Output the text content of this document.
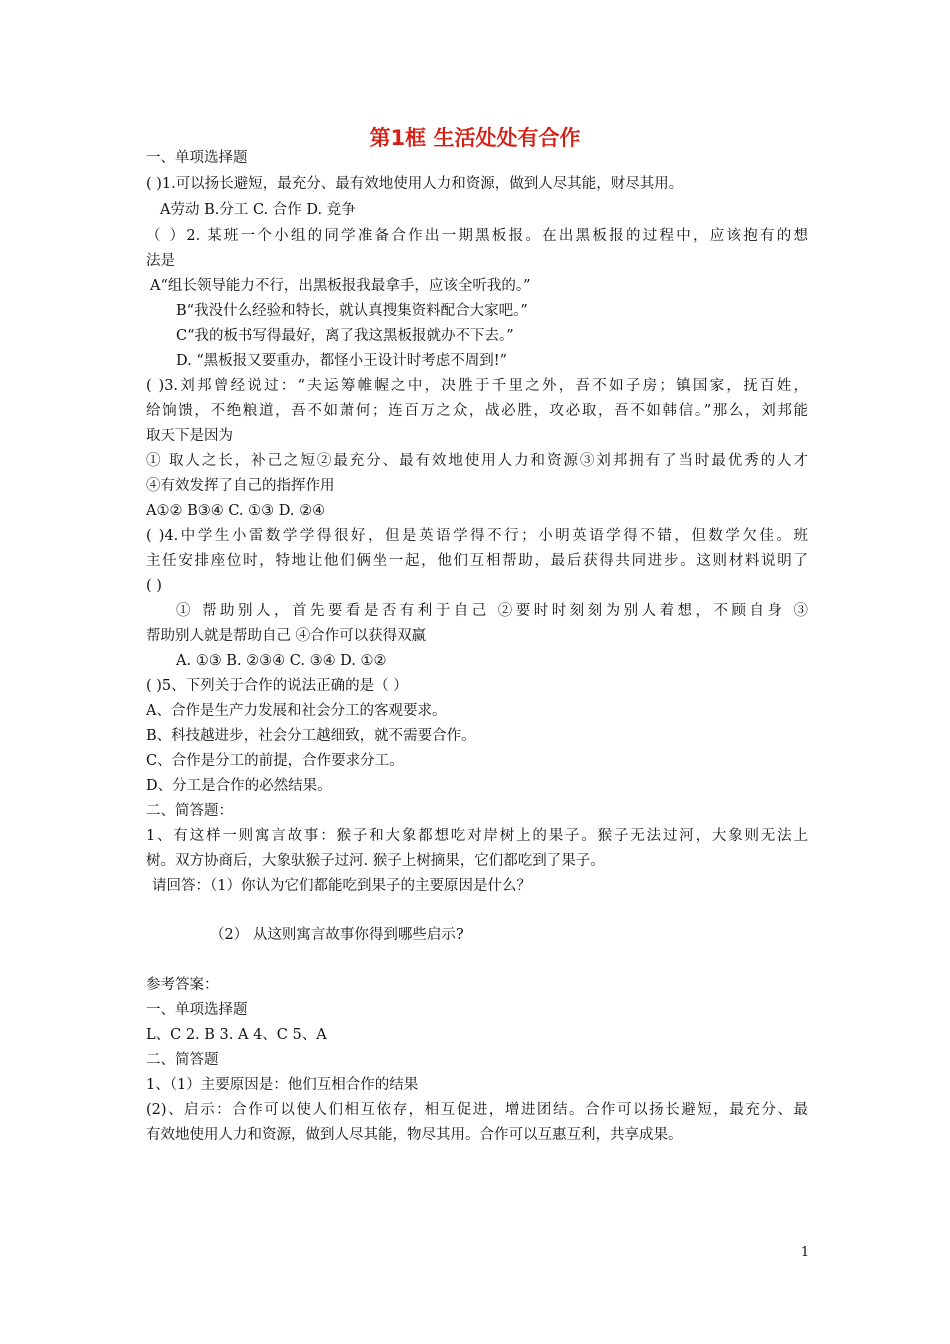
第1框 生活处处有合作
一、单项选择题
( )1.可以扬长避短，最充分、最有效地使用人力和资源，做到人尽其能，财尽其用。
A劳动 B.分工 C. 合作 D. 竞争
（ ）2. 某班一个小组的同学准备合作出一期黑板报。在出黑板报的过程中，应该抱有的想
法是
A“组长领导能力不行，出黑板报我最拿手，应该全听我的。”
B“我没什么经验和特长，就认真搜集资料配合大家吧。”
C“我的板书写得最好，离了我这黑板报就办不下去。”
D. “黑板报又要重办，都怪小王设计时考虑不周到!”
( )3.刘邦曾经说过：“夫运筹帷幄之中，决胜于千里之外，吾不如子房；镇国家，抚百姓，
给饷馈，不绝粮道，吾不如萧何；连百万之众，战必胜，攻必取，吾不如韩信。”那么，刘邦能
取天下是因为
① 取人之长，补己之短②最充分、最有效地使用人力和资源③刘邦拥有了当时最优秀的人才
④有效发挥了自己的指挥作用
A①② B③④ C. ①③ D. ②④
( )4.中学生小雷数学学得很好，但是英语学得不行；小明英语学得不错，但数学欠佳。班
主任安排座位时，特地让他们俩坐一起，他们互相帮助，最后获得共同进步。这则材料说明了
( )
① 帮助别人，首先要看是否有利于自己 ②要时时刻刻为别人着想，不顾自身 ③
帮助别人就是帮助自己 ④合作可以获得双赢
A. ①③ B. ②③④ C. ③④ D. ①②
( )5、下列关于合作的说法正确的是（ ）
A、合作是生产力发展和社会分工的客观要求。
B、科技越进步，社会分工越细致，就不需要合作。
C、合作是分工的前提，合作要求分工。
D、分工是合作的必然结果。
二、简答题：
1、有这样一则寓言故事：猴子和大象都想吃对岸树上的果子。猴子无法过河，大象则无法上
树。双方协商后，大象驮猴子过河. 猴子上树摘果，它们都吃到了果子。
请回答：（1）你认为它们都能吃到果子的主要原因是什么？
（2） 从这则寓言故事你得到哪些启示?
参考答案：
一、单项选择题
L、C 2. B 3. A 4、C 5、A
二、简答题
1、（1）主要原因是：他们互相合作的结果
(2)、启示：合作可以使人们相互依存，相互促进，增进团结。合作可以扬长避短，最充分、最
有效地使用人力和资源，做到人尽其能，物尽其用。合作可以互惠互利，共享成果。
1
